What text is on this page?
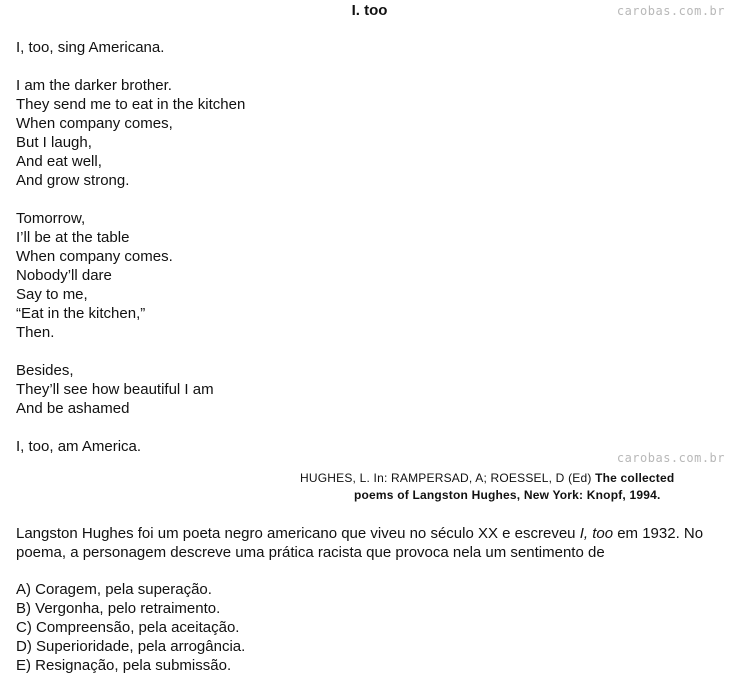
I. too	carobas.com.br
I, too, sing Americana.
I am the darker brother.
They send me to eat in the kitchen
When company comes,
But I laugh,
And eat well,
And grow strong.
Tomorrow,
I’ll be at the table
When company comes.
Nobody’ll dare
Say to me,
“Eat in the kitchen,”
Then.
Besides,
They’ll see how beautiful I am
And be ashamed
I, too, am America.
carobas.com.br
HUGHES, L. In: RAMPERSAD, A; ROESSEL, D (Ed) The collected
poems of Langston Hughes, New York: Knopf, 1994.
Langston Hughes foi um poeta negro americano que viveu no século XX e escreveu I, too em 1932. No poema, a personagem descreve uma prática racista que provoca nela um sentimento de
A) Coragem, pela superação.
B) Vergonha, pelo retraimento.
C) Compreensão, pela aceitação.
D) Superioridade, pela arrogância.
E) Resignação, pela submissão.
